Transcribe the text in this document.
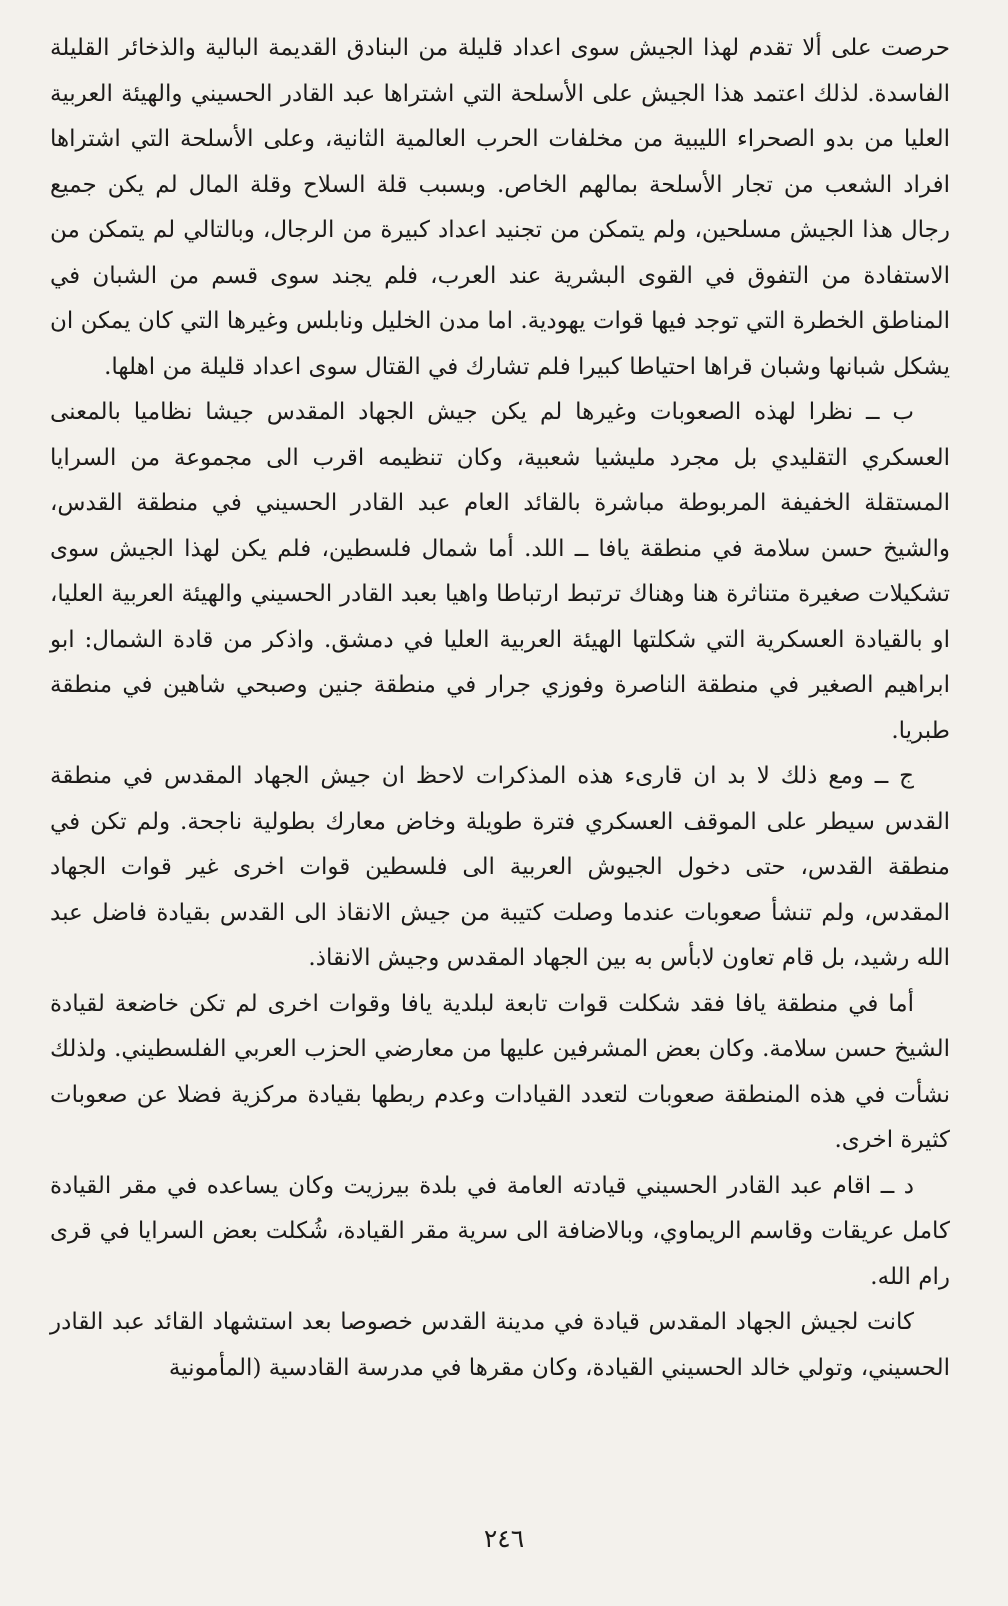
حرصت على ألا تقدم لهذا الجيش سوى اعداد قليلة من البنادق القديمة البالية والذخائر القليلة الفاسدة. لذلك اعتمد هذا الجيش على الأسلحة التي اشتراها عبد القادر الحسيني والهيئة العربية العليا من بدو الصحراء الليبية من مخلفات الحرب العالمية الثانية، وعلى الأسلحة التي اشتراها افراد الشعب من تجار الأسلحة بمالهم الخاص. وبسبب قلة السلاح وقلة المال لم يكن جميع رجال هذا الجيش مسلحين، ولم يتمكن من تجنيد اعداد كبيرة من الرجال، وبالتالي لم يتمكن من الاستفادة من التفوق في القوى البشرية عند العرب، فلم يجند سوى قسم من الشبان في المناطق الخطرة التي توجد فيها قوات يهودية. اما مدن الخليل ونابلس وغيرها التي كان يمكن ان يشكل شبانها وشبان قراها احتياطا كبيرا فلم تشارك في القتال سوى اعداد قليلة من اهلها.

ب ــ نظرا لهذه الصعوبات وغيرها لم يكن جيش الجهاد المقدس جيشا نظاميا بالمعنى العسكري التقليدي بل مجرد مليشيا شعبية، وكان تنظيمه اقرب الى مجموعة من السرايا المستقلة الخفيفة المربوطة مباشرة بالقائد العام عبد القادر الحسيني في منطقة القدس، والشيخ حسن سلامة في منطقة يافا ــ اللد. أما شمال فلسطين، فلم يكن لهذا الجيش سوى تشكيلات صغيرة متناثرة هنا وهناك ترتبط ارتباطا واهيا بعبد القادر الحسيني والهيئة العربية العليا، او بالقيادة العسكرية التي شكلتها الهيئة العربية العليا في دمشق. واذكر من قادة الشمال: ابو ابراهيم الصغير في منطقة الناصرة وفوزي جرار في منطقة جنين وصبحي شاهين في منطقة طبريا.

ج ــ ومع ذلك لا بد ان قارىء هذه المذكرات لاحظ ان جيش الجهاد المقدس في منطقة القدس سيطر على الموقف العسكري فترة طويلة وخاض معارك بطولية ناجحة. ولم تكن في منطقة القدس، حتى دخول الجيوش العربية الى فلسطين قوات اخرى غير قوات الجهاد المقدس، ولم تنشأ صعوبات عندما وصلت كتيبة من جيش الانقاذ الى القدس بقيادة فاضل عبد الله رشيد، بل قام تعاون لابأس به بين الجهاد المقدس وجيش الانقاذ.

أما في منطقة يافا فقد شكلت قوات تابعة لبلدية يافا وقوات اخرى لم تكن خاضعة لقيادة الشيخ حسن سلامة. وكان بعض المشرفين عليها من معارضي الحزب العربي الفلسطيني. ولذلك نشأت في هذه المنطقة صعوبات لتعدد القيادات وعدم ربطها بقيادة مركزية فضلا عن صعوبات كثيرة اخرى.

د ــ اقام عبد القادر الحسيني قيادته العامة في بلدة بيرزيت وكان يساعده في مقر القيادة كامل عريقات وقاسم الريماوي، وبالاضافة الى سرية مقر القيادة، شُكلت بعض السرايا في قرى رام الله.

كانت لجيش الجهاد المقدس قيادة في مدينة القدس خصوصا بعد استشهاد القائد عبد القادر الحسيني، وتولي خالد الحسيني القيادة، وكان مقرها في مدرسة القادسية (المأمونية

٢٤٦
